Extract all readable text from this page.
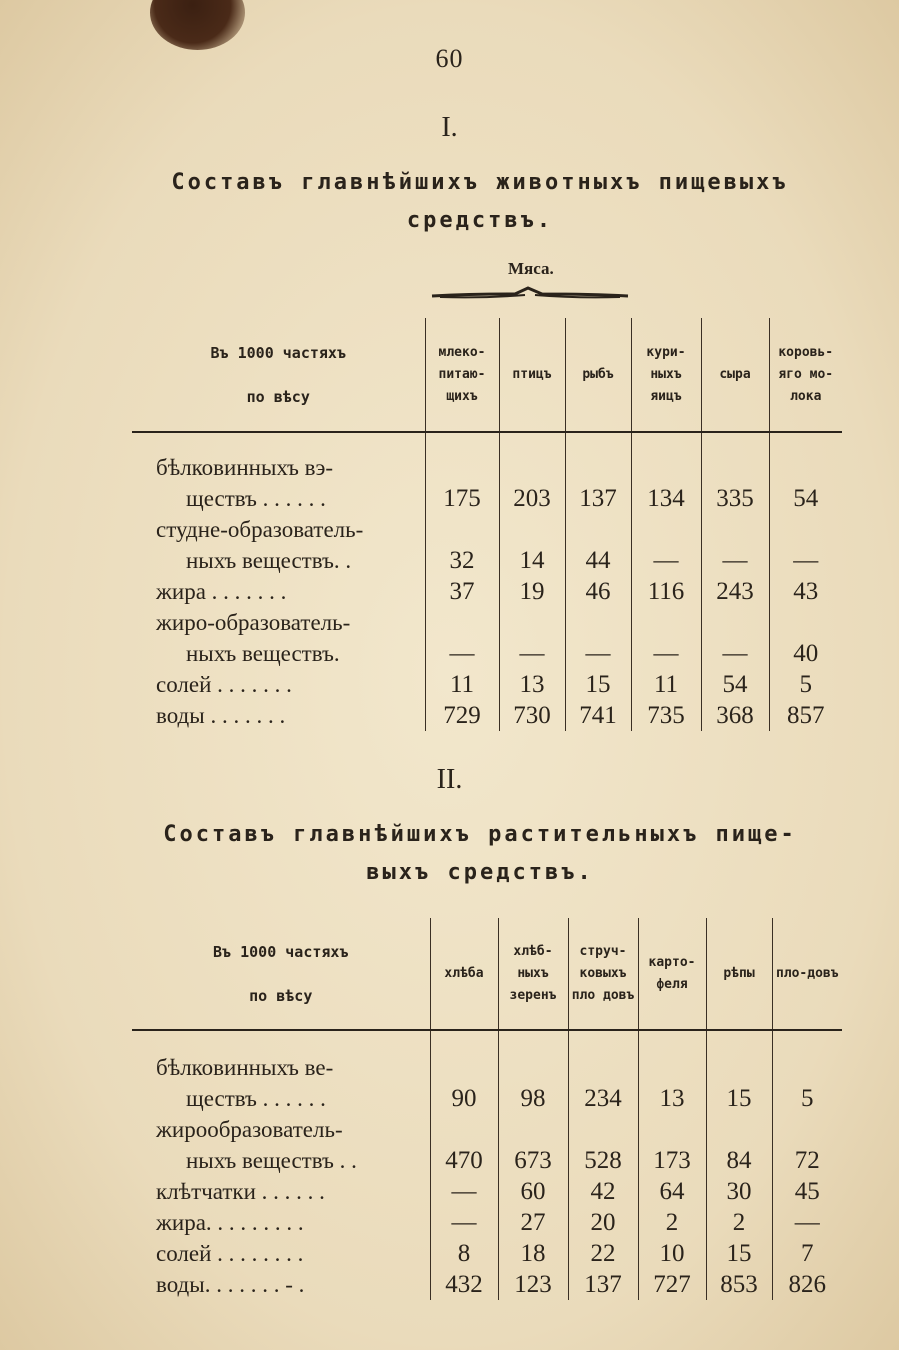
60
I.
Составъ главнѣйшихъ животныхъ пищевыхъ
средствъ.
Мяса.
Въ 1000 частяхъ
по вѣсу	млеко-питаю-щихъ	птицъ	рыбъ	кури-ныхъ яицъ	сыра	коровь-яго мо-лока

бѣлковинныхъ вэ-						
ществъ . . . . . .	175	203	137	134	335	54
студне-образователь-						
ныхъ веществъ. .	32	14	44	—	—	—
жира . . . . . . .	37	19	46	116	243	43
жиро-образователь-						
ныхъ веществъ.	—	—	—	—	—	40
солей . . . . . . .	11	13	15	11	54	5
воды . . . . . . .	729	730	741	735	368	857
II.
Составъ главнѣйшихъ растительныхъ пищe-
выхъ средствъ.
Въ 1000 частяхъ
по вѣсу	хлѣба	хлѣб-ныхъ зеренъ	струч-ковыхъ пло довъ	карто-феля	рѣпы	пло-довъ

бѣлковинныхъ ве-						
ществъ . . . . . .	90	98	234	13	15	5
жирообразователь-						
ныхъ веществъ . .	470	673	528	173	84	72
клѣтчатки . . . . . .	—	60	42	64	30	45
жира. . . . . . . . .	—	27	20	2	2	—
солей . . . . . . . .	8	18	22	10	15	7
воды. . . . . . . - .	432	123	137	727	853	826
